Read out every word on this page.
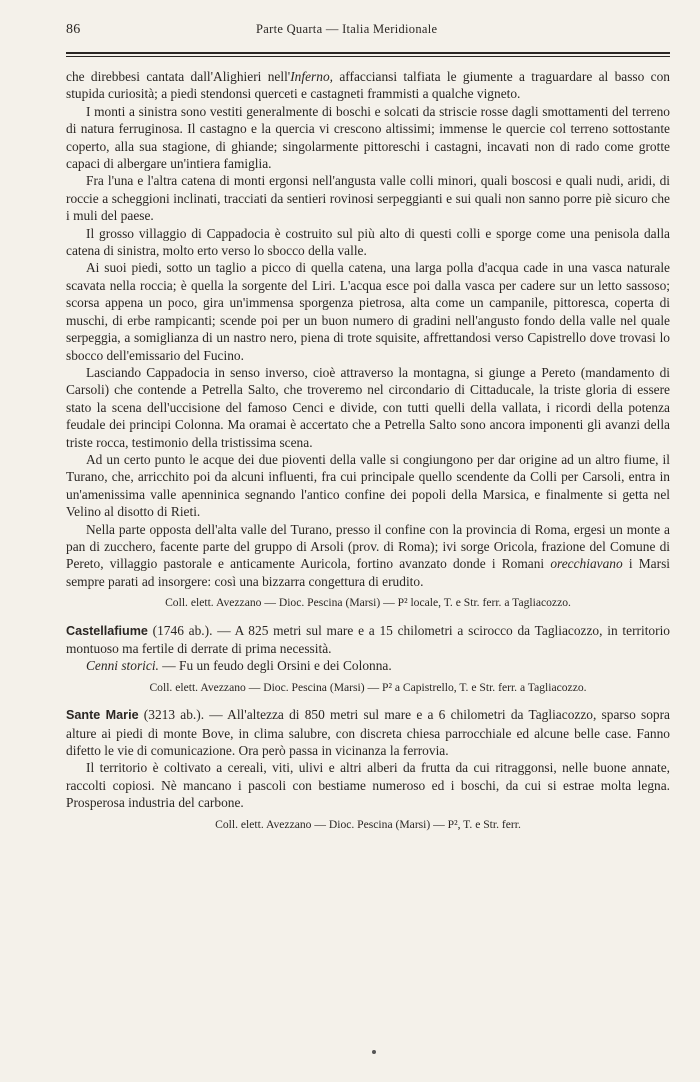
86	Parte Quarta — Italia Meridionale

che direbbesi cantata dall'Alighieri nell'Inferno, affacciansi talfiata le giumente a traguardare al basso con stupida curiosità; a piedi stendonsi querceti e castagneti frammisti a qualche vigneto.

I monti a sinistra sono vestiti generalmente di boschi e solcati da striscie rosse dagli smottamenti del terreno di natura ferruginosa. Il castagno e la quercia vi crescono altissimi; immense le quercie col terreno sottostante coperto, alla sua stagione, di ghiande; singolarmente pittoreschi i castagni, incavati non di rado come grotte capaci di albergare un'intiera famiglia.

Fra l'una e l'altra catena di monti ergonsi nell'angusta valle colli minori, quali boscosi e quali nudi, aridi, di roccie a scheggioni inclinati, tracciati da sentieri rovinosi serpeggianti e sui quali non sanno porre piè sicuro che i muli del paese.

Il grosso villaggio di Cappadocia è costruito sul più alto di questi colli e sporge come una penisola dalla catena di sinistra, molto erto verso lo sbocco della valle.

Ai suoi piedi, sotto un taglio a picco di quella catena, una larga polla d'acqua cade in una vasca naturale scavata nella roccia; è quella la sorgente del Liri. L'acqua esce poi dalla vasca per cadere sur un letto sassoso; scorsa appena un poco, gira un'immensa sporgenza pietrosa, alta come un campanile, pittoresca, coperta di muschi, di erbe rampicanti; scende poi per un buon numero di gradini nell'angusto fondo della valle nel quale serpeggia, a somiglianza di un nastro nero, piena di trote squisite, affrettandosi verso Capistrello dove trovasi lo sbocco dell'emissario del Fucino.

Lasciando Cappadocia in senso inverso, cioè attraverso la montagna, si giunge a Pereto (mandamento di Carsoli) che contende a Petrella Salto, che troveremo nel circondario di Cittaducale, la triste gloria di essere stato la scena dell'uccisione del famoso Cenci e divide, con tutti quelli della vallata, i ricordi della potenza feudale dei principi Colonna. Ma oramai è accertato che a Petrella Salto sono ancora imponenti gli avanzi della triste rocca, testimonio della tristissima scena.

Ad un certo punto le acque dei due pioventi della valle si congiungono per dar origine ad un altro fiume, il Turano, che, arricchito poi da alcuni influenti, fra cui principale quello scendente da Colli per Carsoli, entra in un'amenissima valle apenninica segnando l'antico confine dei popoli della Marsica, e finalmente si getta nel Velino al disotto di Rieti.

Nella parte opposta dell'alta valle del Turano, presso il confine con la provincia di Roma, ergesi un monte a pan di zucchero, facente parte del gruppo di Arsoli (prov. di Roma); ivi sorge Oricola, frazione del Comune di Pereto, villaggio pastorale e anticamente Auricola, fortino avanzato donde i Romani orecchiavano i Marsi sempre parati ad insorgere: così una bizzarra congettura di erudito.

Coll. elett. Avezzano — Dioc. Pescina (Marsi) — P² locale, T. e Str. ferr. a Tagliacozzo.

Castellafiume (1746 ab.). — A 825 metri sul mare e a 15 chilometri a scirocco da Tagliacozzo, in territorio montuoso ma fertile di derrate di prima necessità.

Cenni storici. — Fu un feudo degli Orsini e dei Colonna.

Coll. elett. Avezzano — Dioc. Pescina (Marsi) — P² a Capistrello, T. e Str. ferr. a Tagliacozzo.

Sante Marie (3213 ab.). — All'altezza di 850 metri sul mare e a 6 chilometri da Tagliacozzo, sparso sopra alture ai piedi di monte Bove, in clima salubre, con discreta chiesa parrocchiale ed alcune belle case. Fanno difetto le vie di comunicazione. Ora però passa in vicinanza la ferrovia.

Il territorio è coltivato a cereali, viti, ulivi e altri alberi da frutta da cui ritraggonsi, nelle buone annate, raccolti copiosi. Nè mancano i pascoli con bestiame numeroso ed i boschi, da cui si estrae molta legna. Prosperosa industria del carbone.

Coll. elett. Avezzano — Dioc. Pescina (Marsi) — P², T. e Str. ferr.
